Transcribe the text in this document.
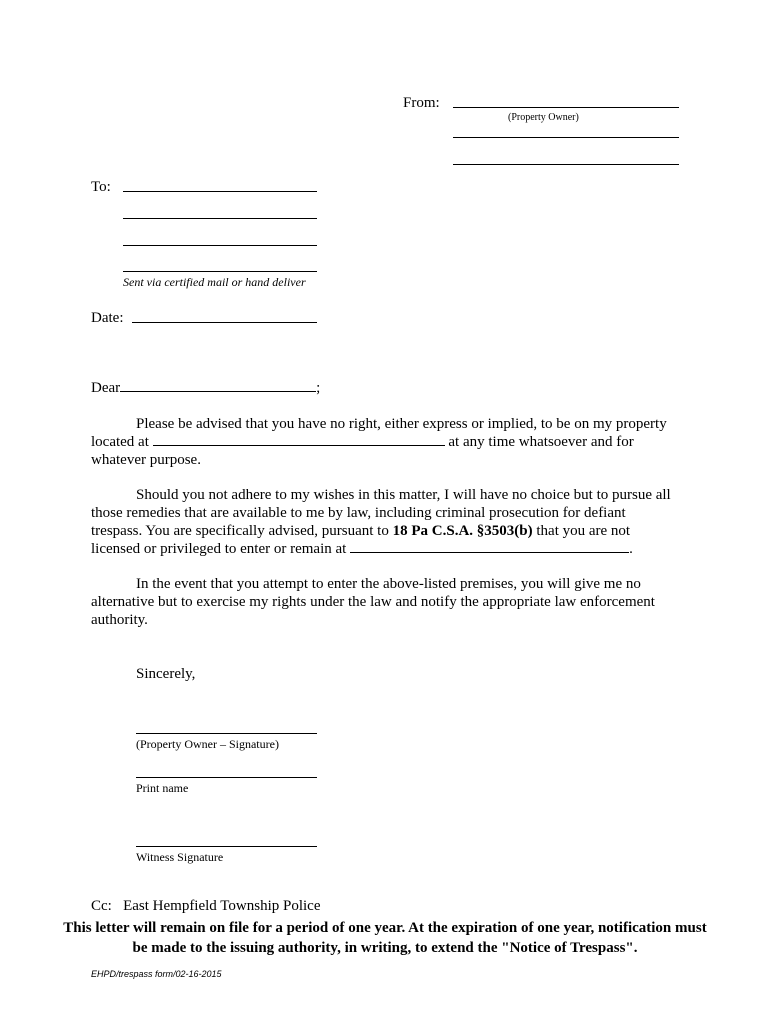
From:
(Property Owner)
To:
Sent via certified mail or hand deliver
Date:
Dear	;
Please be advised that you have no right, either express or implied, to be on my property
located at	at any time whatsoever and for
whatever purpose.
Should you not adhere to my wishes in this matter, I will have no choice but to pursue all
those remedies that are available to me by law, including criminal prosecution for defiant
trespass. You are specifically advised, pursuant to 18 Pa C.S.A. §3503(b) that you are not
licensed or privileged to enter or remain at	.
In the event that you attempt to enter the above-listed premises, you will give me no
alternative but to exercise my rights under the law and notify the appropriate law enforcement
authority.
Sincerely,
(Property Owner – Signature)
Print name
Witness Signature
Cc:   East Hempfield Township Police
This letter will remain on file for a period of one year. At the expiration of one year, notification must
be made to the issuing authority, in writing, to extend the "Notice of Trespass".
EHPD/trespass form/02-16-2015
